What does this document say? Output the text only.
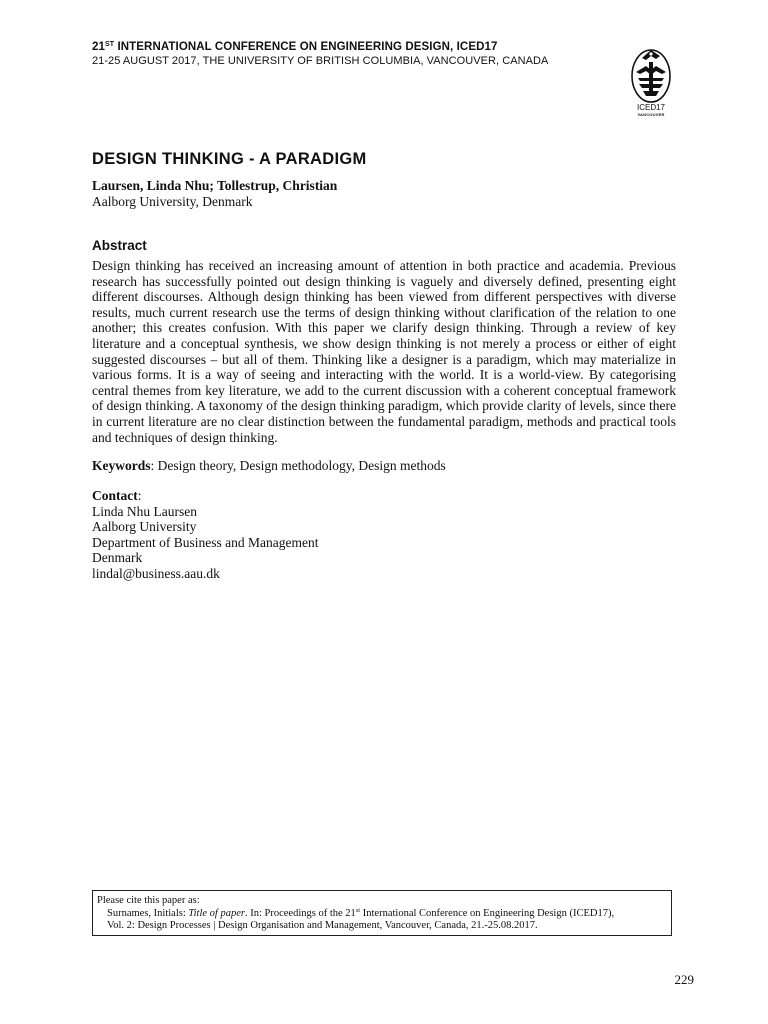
21ST INTERNATIONAL CONFERENCE ON ENGINEERING DESIGN, ICED17
21-25 AUGUST 2017, THE UNIVERSITY OF BRITISH COLUMBIA, VANCOUVER, CANADA
ICED17
VANCOUVER
DESIGN THINKING - A PARADIGM
Laursen, Linda Nhu; Tollestrup, Christian
Aalborg University, Denmark
Abstract

Design thinking has received an increasing amount of attention in both practice and academia. Previous research has successfully pointed out design thinking is vaguely and diversely defined, presenting eight different discourses. Although design thinking has been viewed from different perspectives with diverse results, much current research use the terms of design thinking without clarification of the relation to one another; this creates confusion. With this paper we clarify design thinking. Through a review of key literature and a conceptual synthesis, we show design thinking is not merely a process or either of eight suggested discourses – but all of them. Thinking like a designer is a paradigm, which may materialize in various forms. It is a way of seeing and interacting with the world. It is a world-view. By categorising central themes from key literature, we add to the current discussion with a coherent conceptual framework of design thinking. A taxonomy of the design thinking paradigm, which provide clarity of levels, since there in current literature are no clear distinction between the fundamental paradigm, methods and practical tools and techniques of design thinking.

Keywords: Design theory, Design methodology, Design methods
Contact:
Linda Nhu Laursen
Aalborg University
Department of Business and Management
Denmark
lindal@business.aau.dk
Please cite this paper as:
Surnames, Initials: Title of paper. In: Proceedings of the 21st International Conference on Engineering Design (ICED17),
Vol. 2: Design Processes | Design Organisation and Management, Vancouver, Canada, 21.-25.08.2017.
229
